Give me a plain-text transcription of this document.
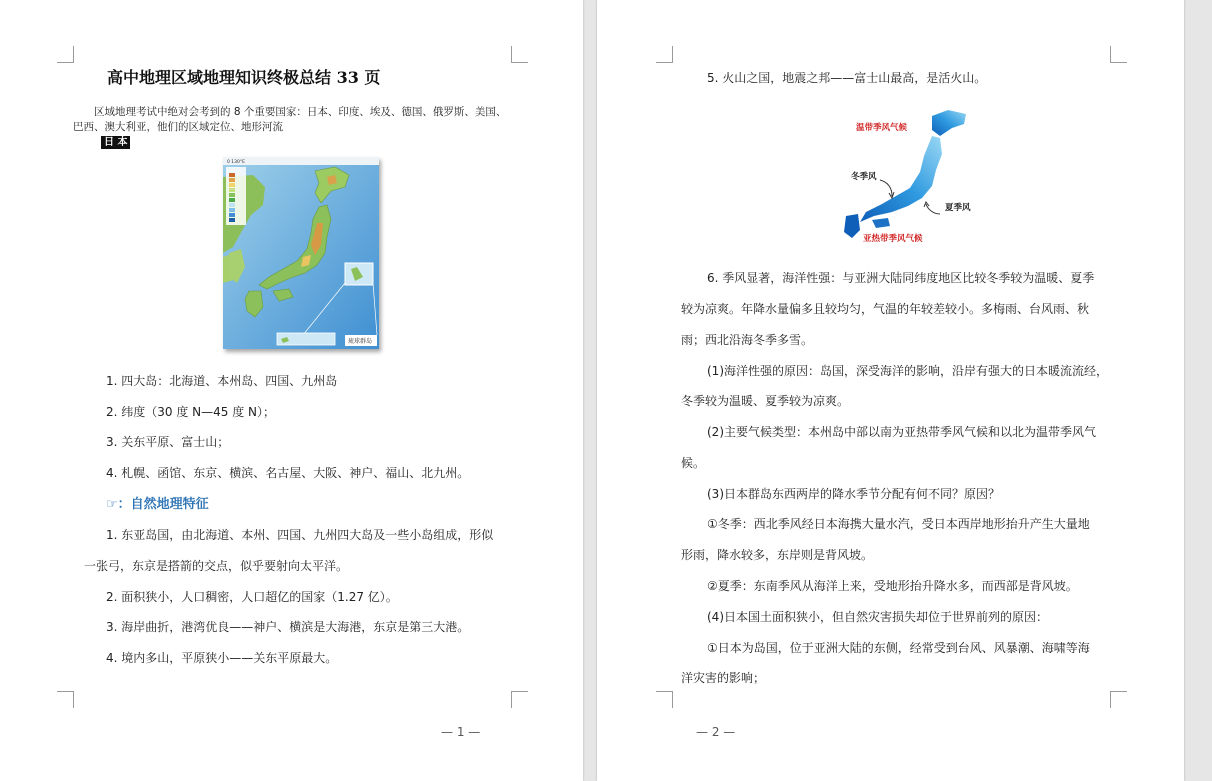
高中地理区域地理知识终极总结 33 页
区域地理考试中绝对会考到的 8 个重要国家：日本、印度、埃及、德国、俄罗斯、美国、
巴西、澳大利亚，他们的区域定位、地形河流
日 本
0 130°E
琉球群岛
1. 四大岛：北海道、本州岛、四国、九州岛
2. 纬度（30 度 N—45 度 N）；
3. 关东平原、富士山；
4. 札幌、函馆、东京、横滨、名古屋、大阪、神户、福山、北九州。
☞：自然地理特征
1. 东亚岛国，由北海道、本州、四国、九州四大岛及一些小岛组成，形似
一张弓，东京是搭箭的交点，似乎要射向太平洋。
2. 面积狭小，人口稠密，人口超亿的国家（1.27 亿）。
3. 海岸曲折，港湾优良——神户、横滨是大海港，东京是第三大港。
4. 境内多山，平原狭小——关东平原最大。
— 1 —
5. 火山之国，地震之邦——富士山最高，是活火山。
— 2 —
温带季风气候
冬季风
夏季风
亚热带季风气候
6. 季风显著，海洋性强：与亚洲大陆同纬度地区比较冬季较为温暖、夏季
较为凉爽。年降水量偏多且较均匀，气温的年较差较小。多梅雨、台风雨、秋
雨；西北沿海冬季多雪。
(1)海洋性强的原因：岛国，深受海洋的影响，沿岸有强大的日本暖流流经，
冬季较为温暖、夏季较为凉爽。
(2)主要气候类型：本州岛中部以南为亚热带季风气候和以北为温带季风气
候。
(3)日本群岛东西两岸的降水季节分配有何不同？原因？
①冬季：西北季风经日本海携大量水汽，受日本西岸地形抬升产生大量地
形雨，降水较多，东岸则是背风坡。
②夏季：东南季风从海洋上来，受地形抬升降水多，而西部是背风坡。
(4)日本国土面积狭小，但自然灾害损失却位于世界前列的原因：
①日本为岛国，位于亚洲大陆的东侧，经常受到台风、风暴潮、海啸等海
洋灾害的影响；
